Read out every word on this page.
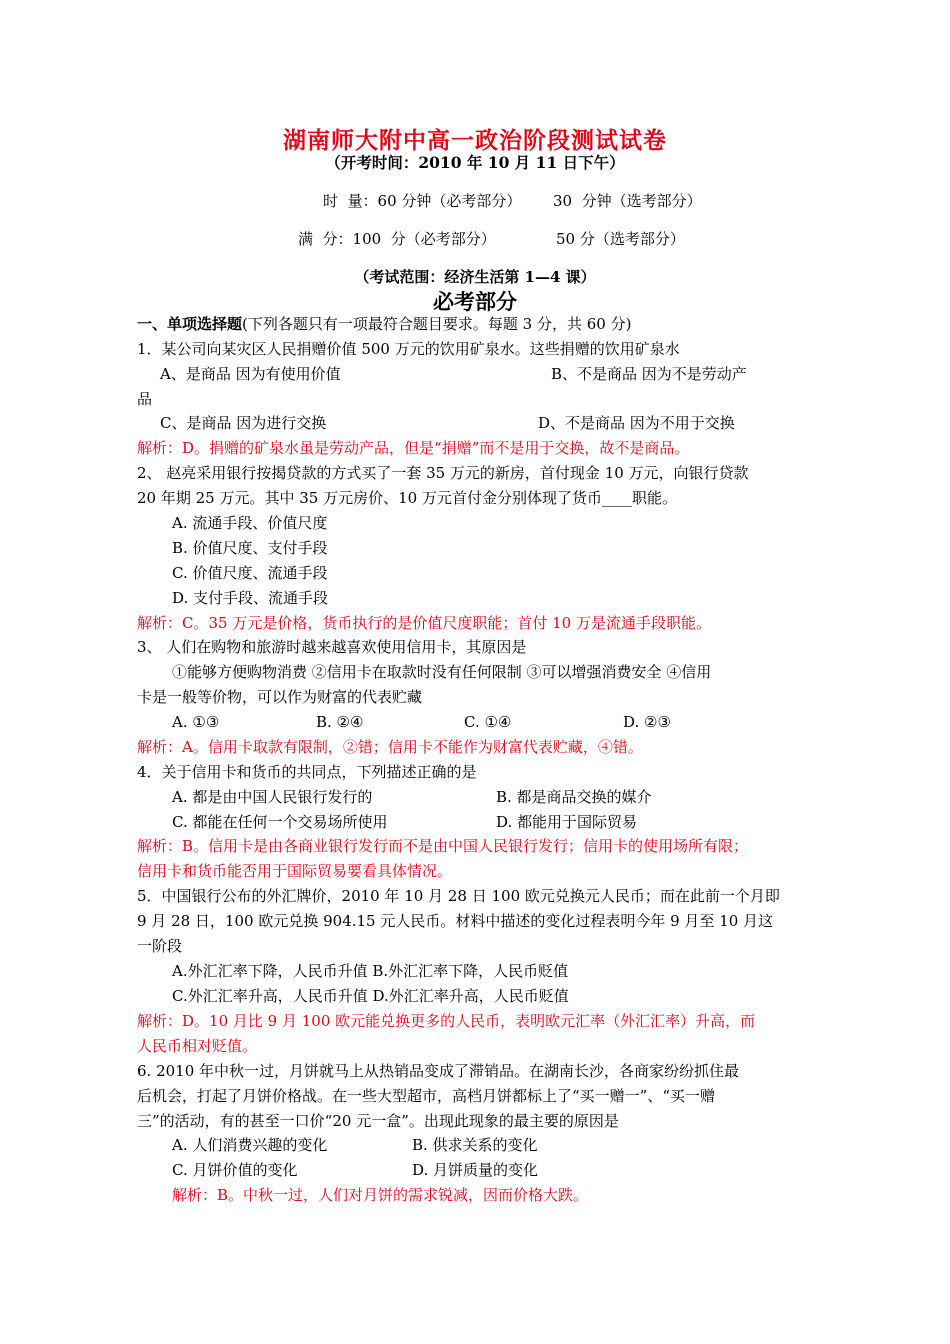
湖南师大附中高一政治阶段测试试卷
（开考时间：2010 年 10 月 11 日下午）
时  量：60 分钟（必考部分） 30  分钟（选考部分）
满  分：100  分（必考部分）	50 分（选考部分）
（考试范围：经济生活第 1—4 课）
必考部分
一、单项选择题(下列各题只有一项最符合题目要求。每题 3 分，共 60 分)
1．某公司向某灾区人民捐赠价值 500 万元的饮用矿泉水。这些捐赠的饮用矿泉水
A、是商品 因为有使用价值	B、不是商品 因为不是劳动产
品
C、是商品 因为进行交换	D、不是商品 因为不用于交换
解析：D。捐赠的矿泉水虽是劳动产品，但是“捐赠”而不是用于交换，故不是商品。
2、 赵亮采用银行按揭贷款的方式买了一套 35 万元的新房，首付现金 10 万元，向银行贷款
20 年期 25 万元。其中 35 万元房价、10 万元首付金分别体现了货币____职能。
A. 流通手段、价值尺度
B. 价值尺度、支付手段
C. 价值尺度、流通手段
D. 支付手段、流通手段
解析：C。35 万元是价格，货币执行的是价值尺度职能；首付 10 万是流通手段职能。
3、 人们在购物和旅游时越来越喜欢使用信用卡，其原因是
①能够方便购物消费 ②信用卡在取款时没有任何限制 ③可以增强消费安全 ④信用
卡是一般等价物，可以作为财富的代表贮藏
A. ①③	B. ②④	C. ①④	D. ②③
解析：A。信用卡取款有限制，②错；信用卡不能作为财富代表贮藏，④错。
4．关于信用卡和货币的共同点，下列描述正确的是
A. 都是由中国人民银行发行的	B. 都是商品交换的媒介
C. 都能在任何一个交易场所使用	D. 都能用于国际贸易
解析：B。信用卡是由各商业银行发行而不是由中国人民银行发行；信用卡的使用场所有限；
信用卡和货币能否用于国际贸易要看具体情况。
5．中国银行公布的外汇牌价，2010 年 10 月 28 日 100 欧元兑换元人民币；而在此前一个月即
9 月 28 日，100 欧元兑换 904.15 元人民币。材料中描述的变化过程表明今年 9 月至 10 月这
一阶段
A.外汇汇率下降，人民币升值 B.外汇汇率下降，人民币贬值
C.外汇汇率升高，人民币升值 D.外汇汇率升高，人民币贬值
解析：D。10 月比 9 月 100 欧元能兑换更多的人民币，表明欧元汇率（外汇汇率）升高，而
人民币相对贬值。
6. 2010 年中秋一过，月饼就马上从热销品变成了滞销品。在湖南长沙，各商家纷纷抓住最
后机会，打起了月饼价格战。在一些大型超市，高档月饼都标上了“买一赠一”、“买一赠
三”的活动，有的甚至一口价“20 元一盒”。出现此现象的最主要的原因是
A. 人们消费兴趣的变化	B. 供求关系的变化
C. 月饼价值的变化	D. 月饼质量的变化
解析：B。中秋一过，人们对月饼的需求锐减，因而价格大跌。
